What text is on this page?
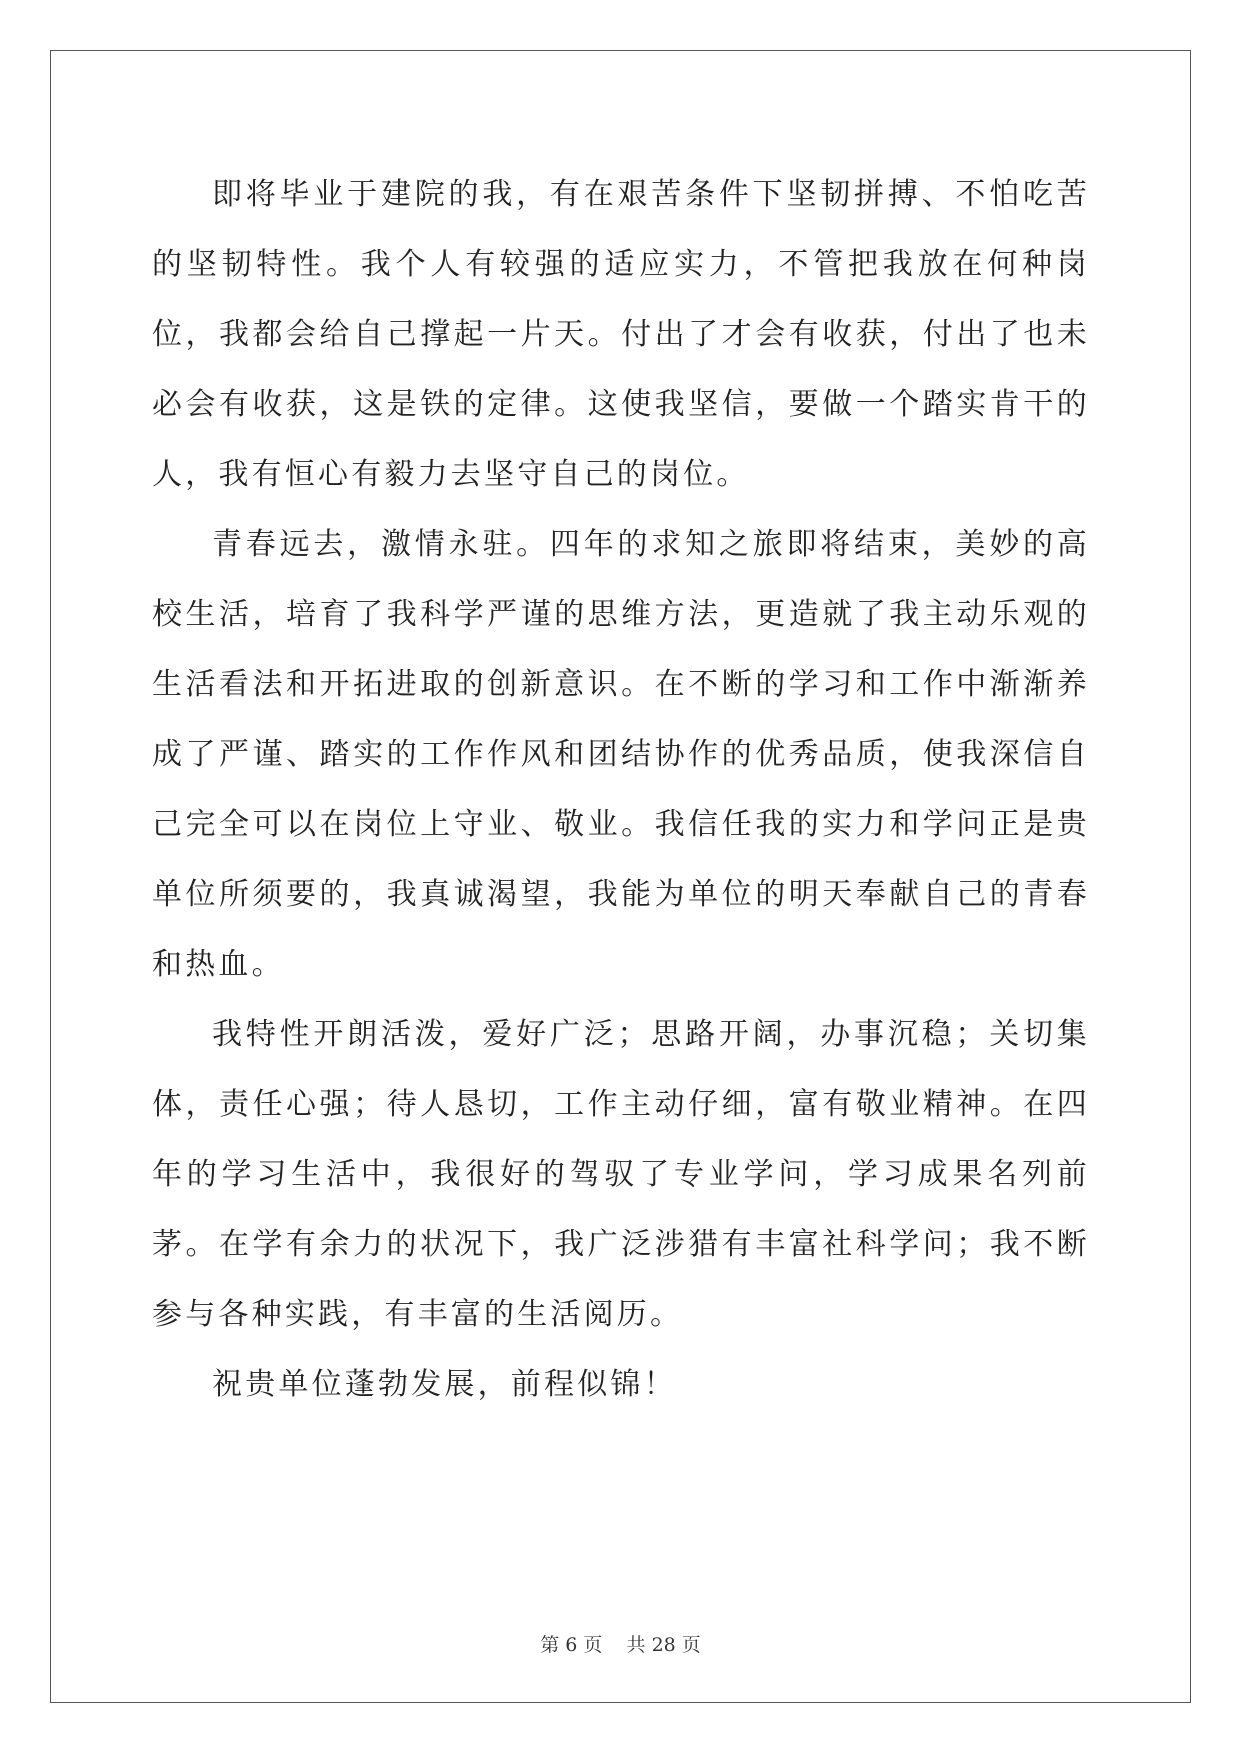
即将毕业于建院的我，有在艰苦条件下坚韧拼搏、不怕吃苦的坚韧特性。我个人有较强的适应实力，不管把我放在何种岗位，我都会给自己撑起一片天。付出了才会有收获，付出了也未必会有收获，这是铁的定律。这使我坚信，要做一个踏实肯干的人，我有恒心有毅力去坚守自己的岗位。

青春远去，激情永驻。四年的求知之旅即将结束，美妙的高校生活，培育了我科学严谨的思维方法，更造就了我主动乐观的生活看法和开拓进取的创新意识。在不断的学习和工作中渐渐养成了严谨、踏实的工作作风和团结协作的优秀品质，使我深信自己完全可以在岗位上守业、敬业。我信任我的实力和学问正是贵单位所须要的，我真诚渴望，我能为单位的明天奉献自己的青春和热血。

我特性开朗活泼，爱好广泛；思路开阔，办事沉稳；关切集体，责任心强；待人恳切，工作主动仔细，富有敬业精神。在四年的学习生活中，我很好的驾驭了专业学问，学习成果名列前茅。在学有余力的状况下，我广泛涉猎有丰富社科学问；我不断参与各种实践，有丰富的生活阅历。

祝贵单位蓬勃发展，前程似锦！

第 6 页    共 28 页
